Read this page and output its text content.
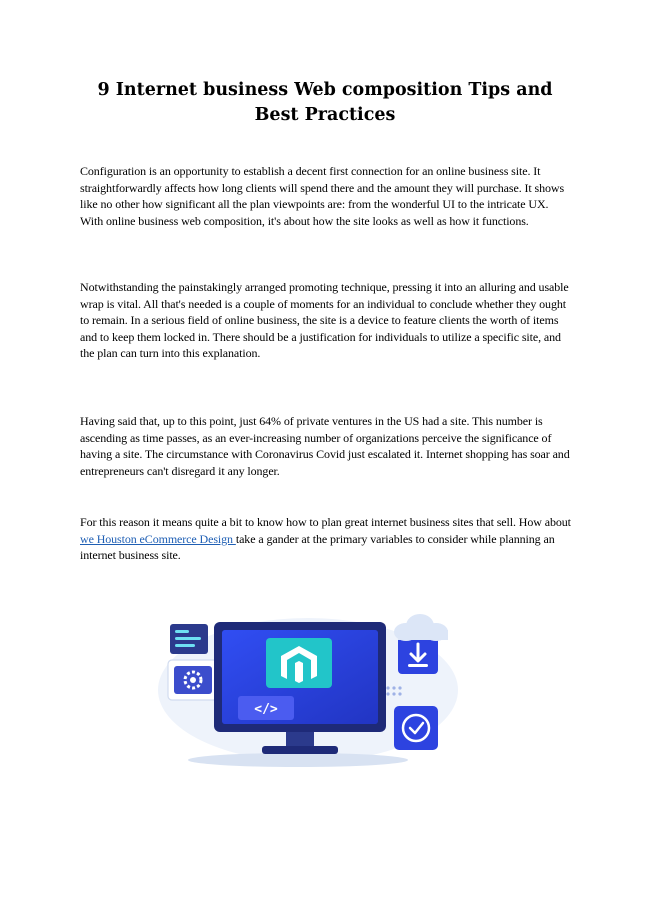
9 Internet business Web composition Tips and Best Practices

Configuration is an opportunity to establish a decent first connection for an online business site. It straightforwardly affects how long clients will spend there and the amount they will purchase. It shows like no other how significant all the plan viewpoints are: from the wonderful UI to the intricate UX. With online business web composition, it's about how the site looks as well as how it functions.

Notwithstanding the painstakingly arranged promoting technique, pressing it into an alluring and usable wrap is vital. All that's needed is a couple of moments for an individual to conclude whether they ought to remain. In a serious field of online business, the site is a device to feature clients the worth of items and to keep them locked in. There should be a justification for individuals to utilize a specific site, and the plan can turn into this explanation.

Having said that, up to this point, just 64% of private ventures in the US had a site. This number is ascending as time passes, as an ever-increasing number of organizations perceive the significance of having a site. The circumstance with Coronavirus Covid just escalated it. Internet shopping has soar and entrepreneurs can't disregard it any longer.

For this reason it means quite a bit to know how to plan great internet business sites that sell. How about we Houston eCommerce Design take a gander at the primary variables to consider while planning an internet business site.

</>
